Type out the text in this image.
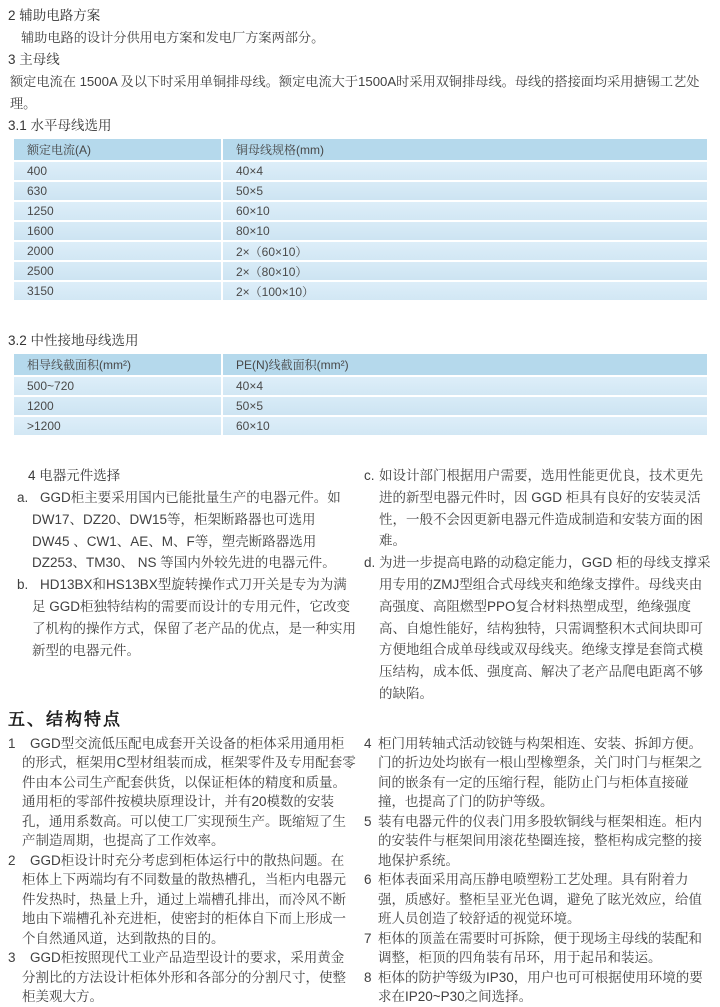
2 辅助电路方案
辅助电路的设计分供用电方案和发电厂方案两部分。
3 主母线
额定电流在 1500A 及以下时采用单铜排母线。额定电流大于1500A时采用双铜排母线。母线的搭接面均采用搪锡工艺处理。
3.1 水平母线选用
额定电流(A)	铜母线规格(mm)
400	40×4
630	50×5
1250	60×10
1600	80×10
2000	2×（60×10）
2500	2×（80×10）
3150	2×（100×10）
3.2 中性接地母线选用
相导线截面积(mm²)	PE(N)线截面积(mm²)
500~720	40×4
1200	50×5
>1200	60×10
4 电器元件选择
a. GGD柜主要采用国内已能批量生产的电器元件。如 DW17、DZ20、DW15等，柜架断路器也可选用 DW45 、CW1、AE、M、F等，塑壳断路器选用 DZ253、TM30、 NS 等国内外较先进的电器元件。
b. HD13BX和HS13BX型旋转操作式刀开关是专为为满足 GGD柜独特结构的需要而设计的专用元件，它改变了机构的操作方式，保留了老产品的优点，是一种实用新型的电器元件。
c. 如设计部门根据用户需要，选用性能更优良，技术更先进的新型电器元件时，因 GGD 柜具有良好的安装灵活性，一般不会因更新电器元件造成制造和安装方面的困难。
d. 为进一步提高电路的动稳定能力，GGD 柜的母线支撑采用专用的ZMJ型组合式母线夹和绝缘支撑件。母线夹由高强度、高阻燃型PPO复合材料热塑成型，绝缘强度高、自熄性能好，结构独特，只需调整积木式间块即可方便地组合成单母线或双母线夹。绝缘支撑是套筒式模压结构，成本低、强度高、解决了老产品爬电距离不够的缺陷。
五、结构特点
1	GGD型交流低压配电成套开关设备的柜体采用通用柜的形式，框架用C型材组装而成，框架零件及专用配套零件由本公司生产配套供货，以保证柜体的精度和质量。通用柜的零部件按模块原理设计，并有20模数的安装孔，通用系数高。可以使工厂实现预生产。既缩短了生产制造周期，也提高了工作效率。
2	GGD柜设计时充分考虑到柜体运行中的散热问题。在柜体上下两端均有不同数量的散热槽孔，当柜内电器元件发热时，热量上升，通过上端槽孔排出，而冷风不断地由下端槽孔补充进柜，使密封的柜体自下而上形成一个自然通风道，达到散热的目的。
3	GGD柜按照现代工业产品造型设计的要求，采用黄金分割比的方法设计柜体外形和各部分的分割尺寸，使整柜美观大方。
4 柜门用转轴式活动铰链与构架相连、安装、拆卸方便。门的折边处均嵌有一根山型橡塑条，关门时门与框架之间的嵌条有一定的压缩行程，能防止门与柜体直接碰撞，也提高了门的防护等级。
5 装有电器元件的仪表门用多股软铜线与框架相连。柜内的安装件与框架间用滚花垫圈连接，整柜构成完整的接地保护系统。
6 柜体表面采用高压静电喷塑粉工艺处理。具有附着力强，质感好。整柜呈亚光色调，避免了眩光效应，给值班人员创造了较舒适的视觉环境。
7 柜体的顶盖在需要时可拆除，便于现场主母线的装配和调整，柜顶的四角装有吊环，用于起吊和装运。
8 柜体的防护等级为IP30，用户也可可根据使用环境的要求在IP20~P30之间选择。
